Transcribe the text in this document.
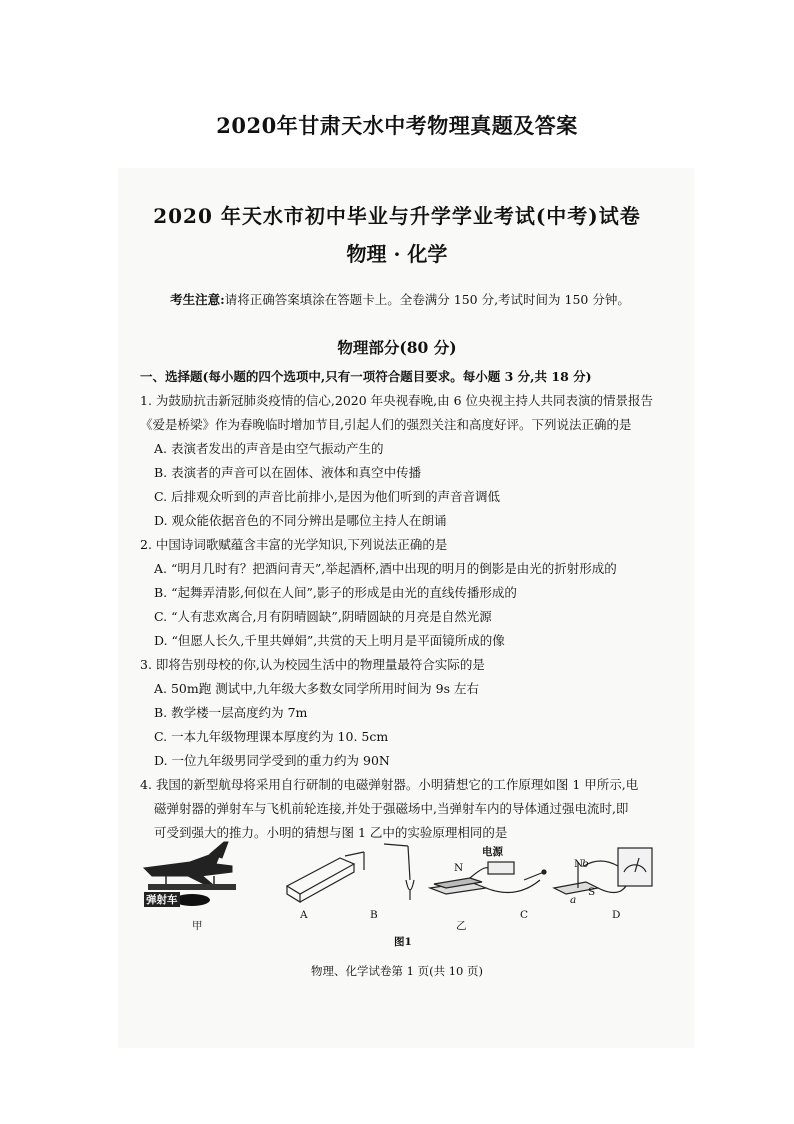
2020年甘肃天水中考物理真题及答案
2020 年天水市初中毕业与升学学业考试(中考)试卷
物理 · 化学
考生注意:请将正确答案填涂在答题卡上。全卷满分 150 分,考试时间为 150 分钟。
物理部分(80 分)
一、选择题(每小题的四个选项中,只有一项符合题目要求。每小题 3 分,共 18 分)
1. 为鼓励抗击新冠肺炎疫情的信心,2020 年央视春晚,由 6 位央视主持人共同表演的情景报告
《爱是桥梁》作为春晚临时增加节目,引起人们的强烈关注和高度好评。下列说法正确的是
A. 表演者发出的声音是由空气振动产生的
B. 表演者的声音可以在固体、液体和真空中传播
C. 后排观众听到的声音比前排小,是因为他们听到的声音音调低
D. 观众能依据音色的不同分辨出是哪位主持人在朗诵
2. 中国诗词歌赋蕴含丰富的光学知识,下列说法正确的是
A. “明月几时有？把酒问青天”,举起酒杯,酒中出现的明月的倒影是由光的折射形成的
B. “起舞弄清影,何似在人间”,影子的形成是由光的直线传播形成的
C. “人有悲欢离合,月有阴晴圆缺”,阴晴圆缺的月亮是自然光源
D. “但愿人长久,千里共婵娟”,共赏的天上明月是平面镜所成的像
3. 即将告别母校的你,认为校园生活中的物理量最符合实际的是
A. 50m跑 测试中,九年级大多数女同学所用时间为 9s 左右
B. 教学楼一层高度约为 7m
C. 一本九年级物理课本厚度约为 10. 5cm
D. 一位九年级男同学受到的重力约为 90N
4. 我国的新型航母将采用自行研制的电磁弹射器。小明猜想它的工作原理如图 1 甲所示,电
磁弹射器的弹射车与飞机前轮连接,并处于强磁场中,当弹射车内的导体通过强电流时,即
可受到强大的推力。小明的猜想与图 1 乙中的实验原理相同的是
弹射车
甲
A	B
乙
C	D
电源
N	N
S
a
b
图1
物理、化学试卷第 1 页(共 10 页)
